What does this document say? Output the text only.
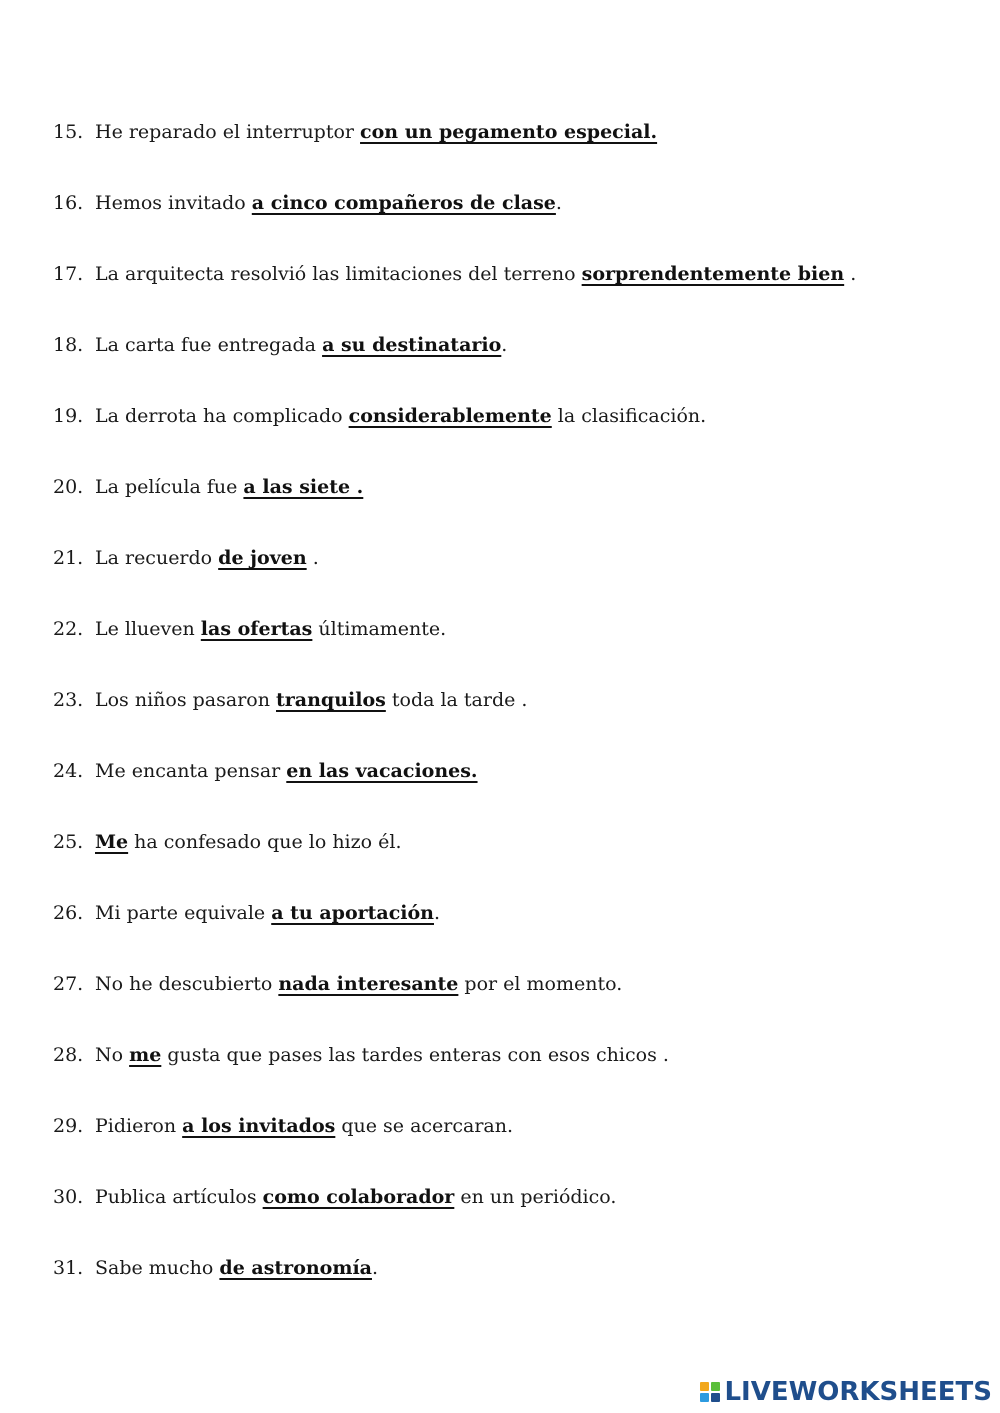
15. He reparado el interruptor con un pegamento especial.
16. Hemos invitado a cinco compañeros de clase.
17. La arquitecta resolvió las limitaciones del terreno sorprendentemente bien .
18. La carta fue entregada a su destinatario.
19. La derrota ha complicado considerablemente la clasificación.
20. La película fue a las siete .
21. La recuerdo de joven .
22. Le llueven las ofertas últimamente.
23. Los niños pasaron tranquilos toda la tarde .
24. Me encanta pensar en las vacaciones.
25. Me ha confesado que lo hizo él.
26. Mi parte equivale a tu aportación.
27. No he descubierto nada interesante por el momento.
28. No me gusta que pases las tardes enteras con esos chicos .
29. Pidieron a los invitados que se acercaran.
30. Publica artículos como colaborador en un periódico.
31. Sabe mucho de astronomía.
LIVEWORKSHEETS
